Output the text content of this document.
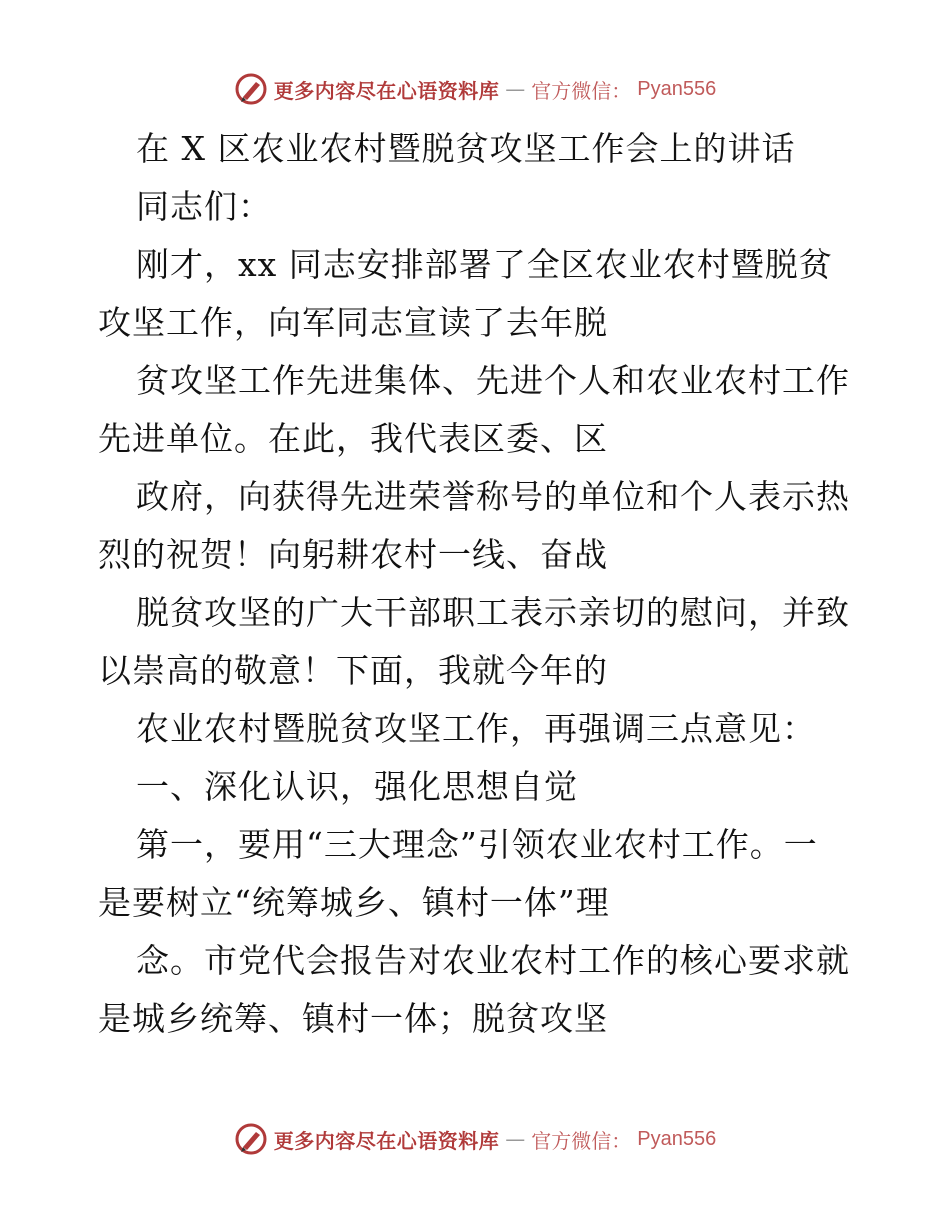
更多内容尽在心语资料库 — 官方微信： Pyan556
在 X 区农业农村暨脱贫攻坚工作会上的讲话
同志们：
刚才，xx 同志安排部署了全区农业农村暨脱贫
攻坚工作，向军同志宣读了去年脱
贫攻坚工作先进集体、先进个人和农业农村工作
先进单位。在此，我代表区委、区
政府，向获得先进荣誉称号的单位和个人表示热
烈的祝贺！向躬耕农村一线、奋战
脱贫攻坚的广大干部职工表示亲切的慰问，并致
以崇高的敬意！下面，我就今年的
农业农村暨脱贫攻坚工作，再强调三点意见：
一、深化认识，强化思想自觉
第一，要用“三大理念”引领农业农村工作。一
是要树立“统筹城乡、镇村一体”理
念。市党代会报告对农业农村工作的核心要求就
是城乡统筹、镇村一体；脱贫攻坚
更多内容尽在心语资料库 — 官方微信： Pyan556
